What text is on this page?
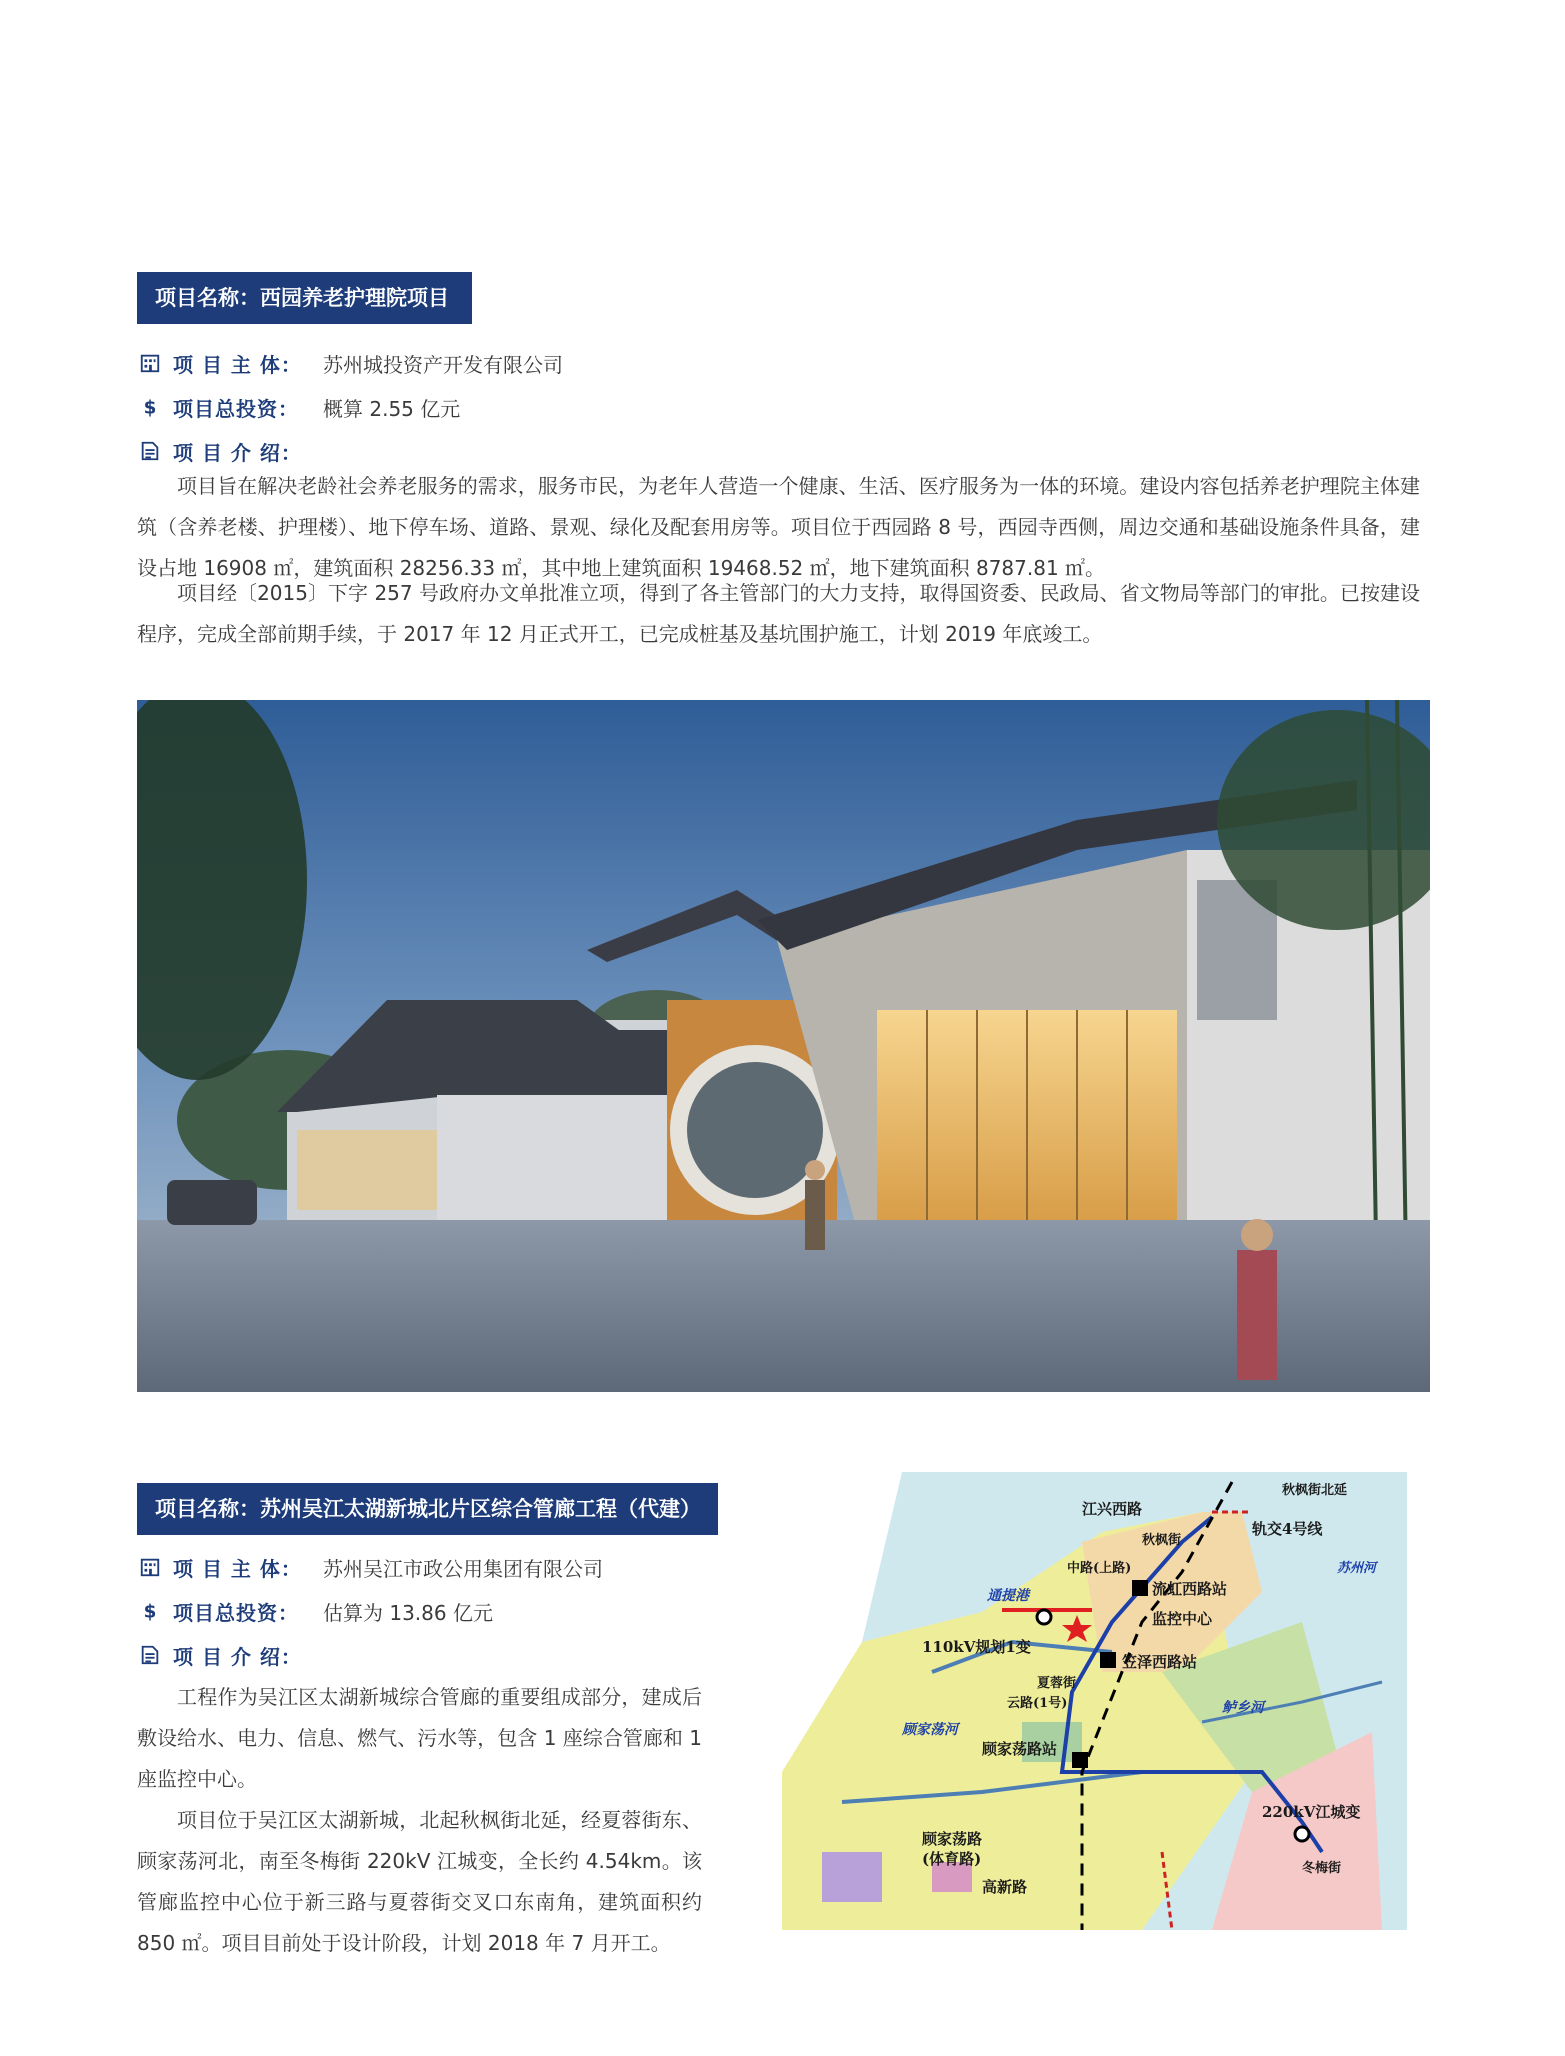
项目名称：西园养老护理院项目
项 目 主 体：	苏州城投资产开发有限公司
$ 项目总投资：	概算 2.55 亿元
项 目 介 绍：

项目旨在解决老龄社会养老服务的需求，服务市民，为老年人营造一个健康、生活、医疗服务为一体的环境。建设内容包括养老护理院主体建筑（含养老楼、护理楼）、地下停车场、道路、景观、绿化及配套用房等。项目位于西园路 8 号，西园寺西侧，周边交通和基础设施条件具备，建设占地 16908 ㎡，建筑面积 28256.33 ㎡，其中地上建筑面积 19468.52 ㎡，地下建筑面积 8787.81 ㎡。

项目经〔2015〕下字 257 号政府办文单批准立项，得到了各主管部门的大力支持，取得国资委、民政局、省文物局等部门的审批。已按建设程序，完成全部前期手续，于 2017 年 12 月正式开工，已完成桩基及基坑围护施工，计划 2019 年底竣工。

项目名称：苏州吴江太湖新城北片区综合管廊工程（代建）
项 目 主 体：	苏州吴江市政公用集团有限公司
$ 项目总投资：	估算为 13.86 亿元
项 目 介 绍：

工程作为吴江区太湖新城综合管廊的重要组成部分，建成后敷设给水、电力、信息、燃气、污水等，包含 1 座综合管廊和 1 座监控中心。

项目位于吴江区太湖新城，北起秋枫街北延，经夏蓉街东、顾家荡河北，南至冬梅街 220kV 江城变，全长约 4.54km。该管廊监控中心位于新三路与夏蓉街交叉口东南角，建筑面积约 850 ㎡。项目目前处于设计阶段，计划 2018 年 7 月开工。

江兴西路
轨交4号线
流虹西路站
监控中心
110kV规划1变
笠泽西路站
顾家荡路站
220kV江城变
顾家荡路
(体育路)
高新路
通提港
鲈乡河
顾家荡河
秋枫街北延
秋枫街
夏蓉街
冬梅街
中路(上路)
云路(1号)
苏州河
